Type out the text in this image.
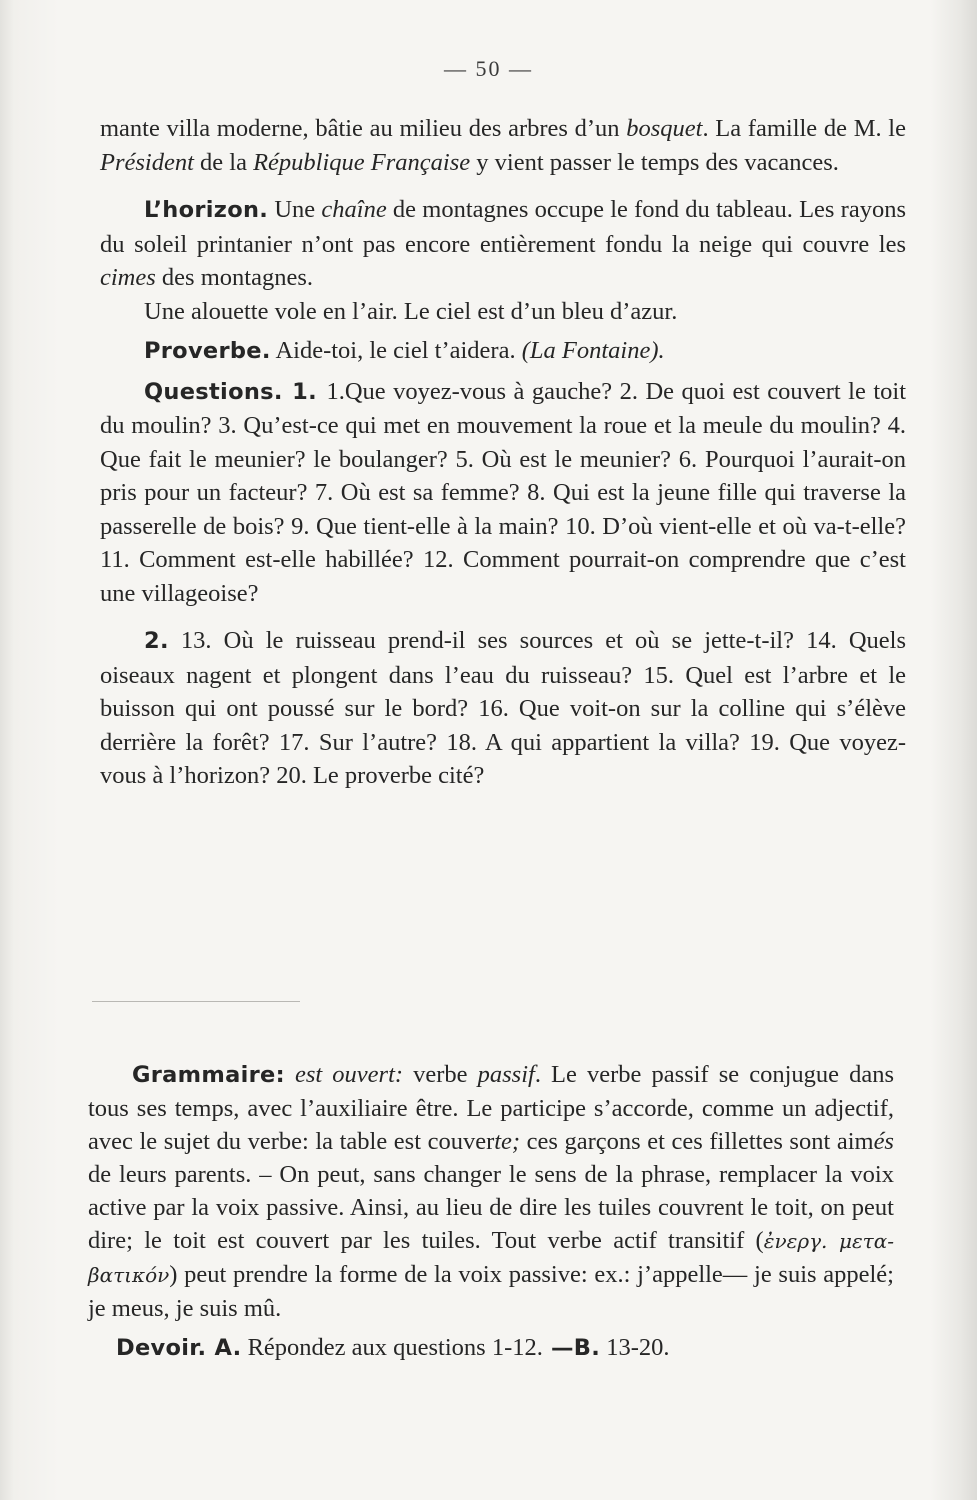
— 50 —

mante villa moderne, bâtie au milieu des arbres d’un bosquet. La famille de M. le Président de la République Française y vient passer le temps des vacances.

L’horizon. Une chaîne de montagnes occupe le fond du tableau. Les rayons du soleil printanier n’ont pas encore entièrement fondu la neige qui couvre les cimes des montagnes.

Une alouette vole en l’air. Le ciel est d’un bleu d’azur.

Proverbe. Aide-toi, le ciel t’aidera. (La Fontaine).

Questions. 1. 1.Que voyez-vous à gauche? 2. De quoi est couvert le toit du moulin? 3. Qu’est-ce qui met en mouvement la roue et la meule du moulin? 4. Que fait le meunier? le boulanger? 5. Où est le meunier? 6. Pourquoi l’aurait-on pris pour un facteur? 7. Où est sa femme? 8. Qui est la jeune fille qui traverse la passerelle de bois? 9. Que tient-elle à la main? 10. D’où vient-elle et où va-t-elle? 11. Comment est-elle habillée? 12. Comment pourrait-on comprendre que c’est une villageoise?

2. 13. Où le ruisseau prend-il ses sources et où se jette-t-il? 14. Quels oiseaux nagent et plongent dans l’eau du ruisseau? 15. Quel est l’arbre et le buisson qui ont poussé sur le bord? 16. Que voit-on sur la colline qui s’élève derrière la forêt? 17. Sur l’autre? 18. A qui appartient la villa? 19. Que voyez-vous à l’horizon? 20. Le proverbe cité?

Grammaire: est ouvert: verbe passif. Le verbe passif se conjugue dans tous ses temps, avec l’auxiliaire être. Le participe s’accorde, comme un adjectif, avec le sujet du verbe: la table est couverte; ces garçons et ces fillettes sont aimés de leurs parents. – On peut, sans changer le sens de la phrase, remplacer la voix active par la voix passive. Ainsi, au lieu de dire les tuiles couvrent le toit, on peut dire; le toit est couvert par les tuiles. Tout verbe actif transitif (ἐνεργ. μετα-βατικόν) peut prendre la forme de la voix passive: ex.: j’appelle— je suis appelé; je meus, je suis mû.

Devoir. A. Répondez aux questions 1-12. —B. 13-20.
